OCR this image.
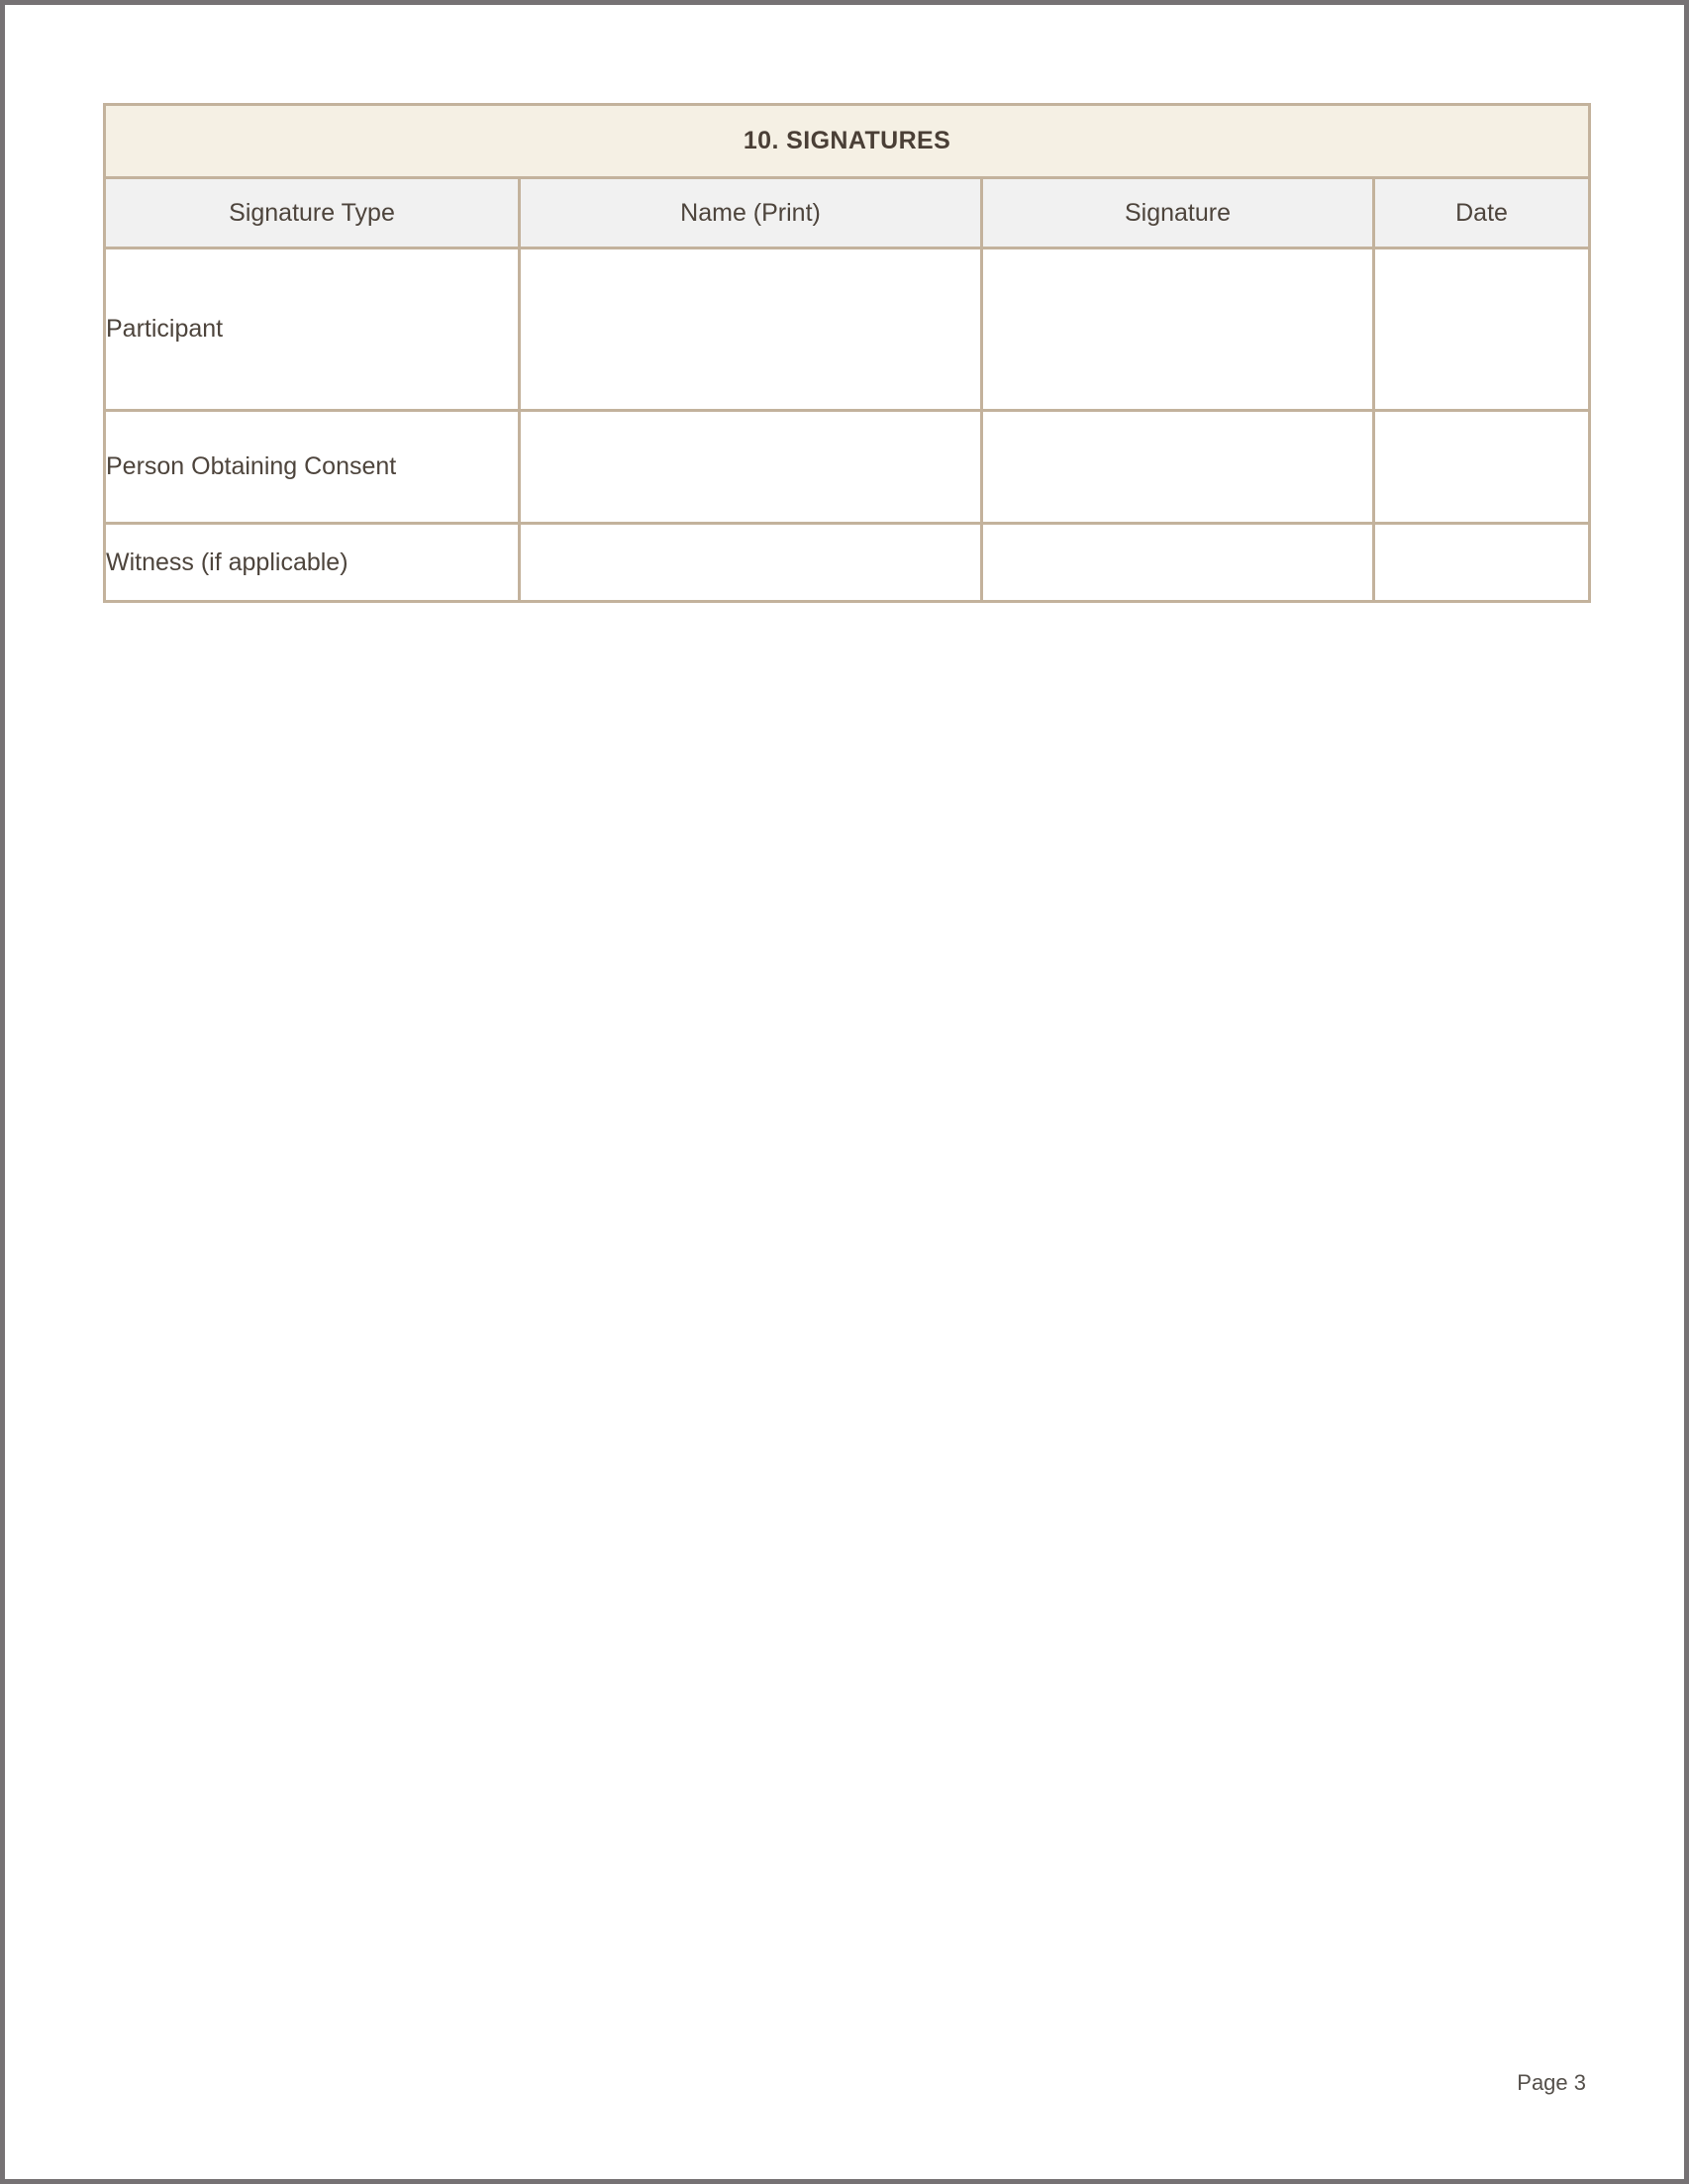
10. SIGNATURES			

Signature Type	Name (Print)	Signature	Date

Participant			

Person Obtaining Consent			

Witness (if applicable)			

Page 3
